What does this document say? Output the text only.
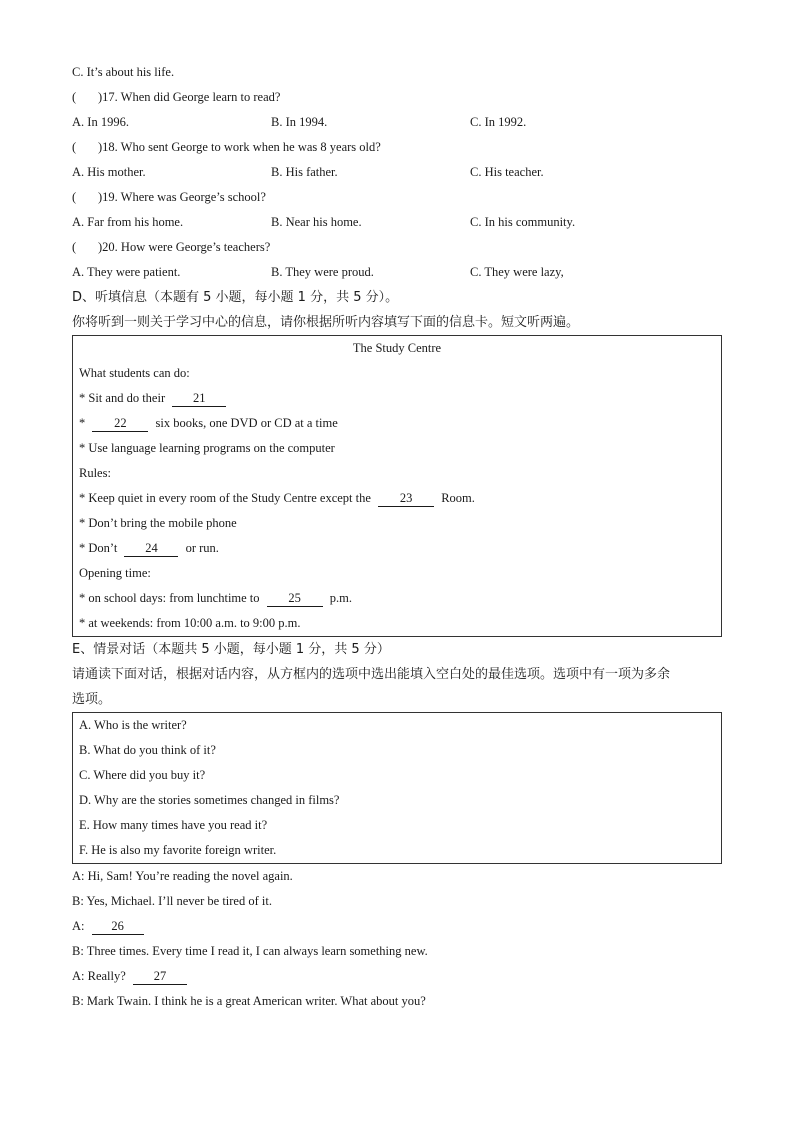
C. It’s about his life.
( )17. When did George learn to read?
A. In 1996.	B. In 1994.	C. In 1992.
( )18. Who sent George to work when he was 8 years old?
A. His mother.	B. His father.	C. His teacher.
( )19. Where was George’s school?
A. Far from his home.	B. Near his home.	C. In his community.
( )20. How were George’s teachers?
A. They were patient.	B. They were proud.	C. They were lazy,
D、听填信息（本题有 5 小题，每小题 1 分，共 5 分）。
你将听到一则关于学习中心的信息，请你根据所听内容填写下面的信息卡。短文听两遍。
The Study Centre
What students can do:
* Sit and do their 21
* 22 six books, one DVD or CD at a time
* Use language learning programs on the computer
Rules:
* Keep quiet in every room of the Study Centre except the 23 Room.
* Don’t bring the mobile phone
* Don’t 24 or run.
Opening time:
* on school days: from lunchtime to 25 p.m.
* at weekends: from 10:00 a.m. to 9:00 p.m.
E、情景对话（本题共 5 小题，每小题 1 分，共 5 分）
请通读下面对话，根据对话内容，从方框内的选项中选出能填入空白处的最佳选项。选项中有一项为多余
选项。
A. Who is the writer?
B. What do you think of it?
C. Where did you buy it?
D. Why are the stories sometimes changed in films?
E. How many times have you read it?
F. He is also my favorite foreign writer.
A: Hi, Sam! You’re reading the novel again.
B: Yes, Michael. I’ll never be tired of it.
A: 26
B: Three times. Every time I read it, I can always learn something new.
A: Really? 27
B: Mark Twain. I think he is a great American writer. What about you?
